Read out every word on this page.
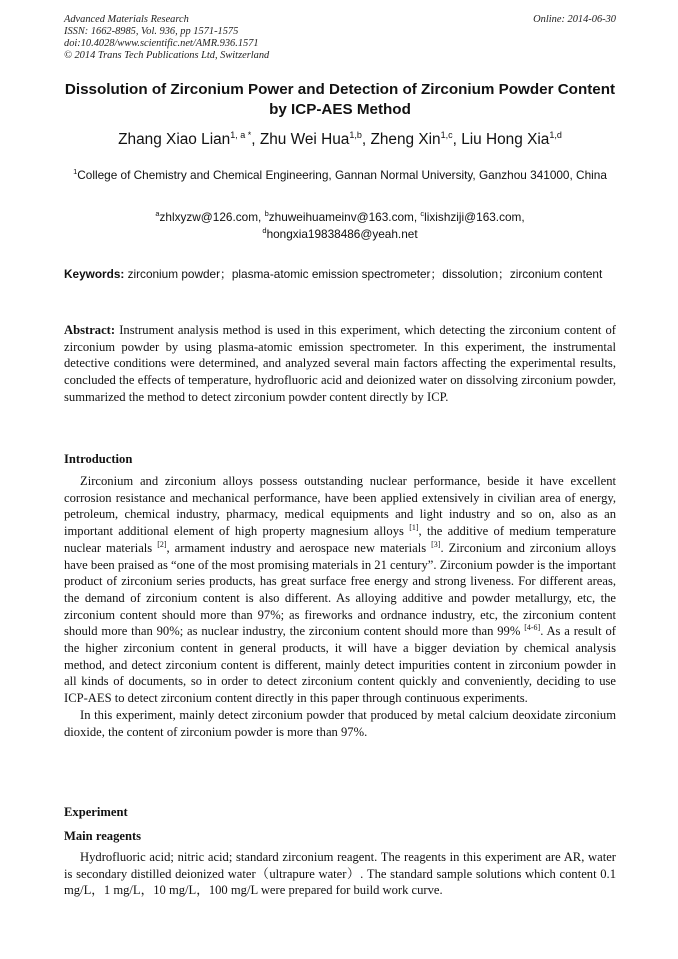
Advanced Materials Research
ISSN: 1662-8985, Vol. 936, pp 1571-1575
doi:10.4028/www.scientific.net/AMR.936.1571
© 2014 Trans Tech Publications Ltd, Switzerland
Online: 2014-06-30
Dissolution of Zirconium Power and Detection of Zirconium Powder Content by ICP-AES Method
Zhang Xiao Lian$^{1, a *}$, Zhu Wei Hua$^{1,b}$, Zheng Xin$^{1,c}$, Liu Hong Xia$^{1,d}$
$^1$College of Chemistry and Chemical Engineering, Gannan Normal University, Ganzhou 341000, China
$^a$zhlxyzw@126.com, $^b$zhuweihuameinv@163.com, $^c$lixishziji@163.com,
$^d$hongxia19838486@yeah.net
Keywords: zirconium powder；plasma-atomic emission spectrometer；dissolution；zirconium content
Abstract: Instrument analysis method is used in this experiment, which detecting the zirconium content of zirconium powder by using plasma-atomic emission spectrometer. In this experiment, the instrumental detective conditions were determined, and analyzed several main factors affecting the experimental results, concluded the effects of temperature, hydrofluoric acid and deionized water on dissolving zirconium powder, summarized the method to detect zirconium powder content directly by ICP.
Introduction

Zirconium and zirconium alloys possess outstanding nuclear performance, beside it have excellent corrosion resistance and mechanical performance, have been applied extensively in civilian area of energy, petroleum, chemical industry, pharmacy, medical equipments and light industry and so on, also as an important additional element of high property magnesium alloys [1], the additive of medium temperature nuclear materials [2], armament industry and aerospace new materials [3]. Zirconium and zirconium alloys have been praised as “one of the most promising materials in 21 century”. Zirconium powder is the important product of zirconium series products, has great surface free energy and strong liveness. For different areas, the demand of zirconium content is also different. As alloying additive and powder metallurgy, etc, the zirconium content should more than 97%; as fireworks and ordnance industry, etc, the zirconium content should more than 90%; as nuclear industry, the zirconium content should more than 99% [4-6]. As a result of the higher zirconium content in general products, it will have a bigger deviation by chemical analysis method, and detect zirconium content is different, mainly detect impurities content in zirconium powder in all kinds of documents, so in order to detect zirconium content quickly and conveniently, deciding to use ICP-AES to detect zirconium content directly in this paper through continuous experiments.

In this experiment, mainly detect zirconium powder that produced by metal calcium deoxidate zirconium dioxide, the content of zirconium powder is more than 97%.

Experiment
Main reagents

Hydrofluoric acid; nitric acid; standard zirconium reagent. The reagents in this experiment are AR, water is secondary distilled deionized water（ultrapure water）. The standard sample solutions which content 0.1 mg/L，1 mg/L，10 mg/L，100 mg/L were prepared for build work curve.
